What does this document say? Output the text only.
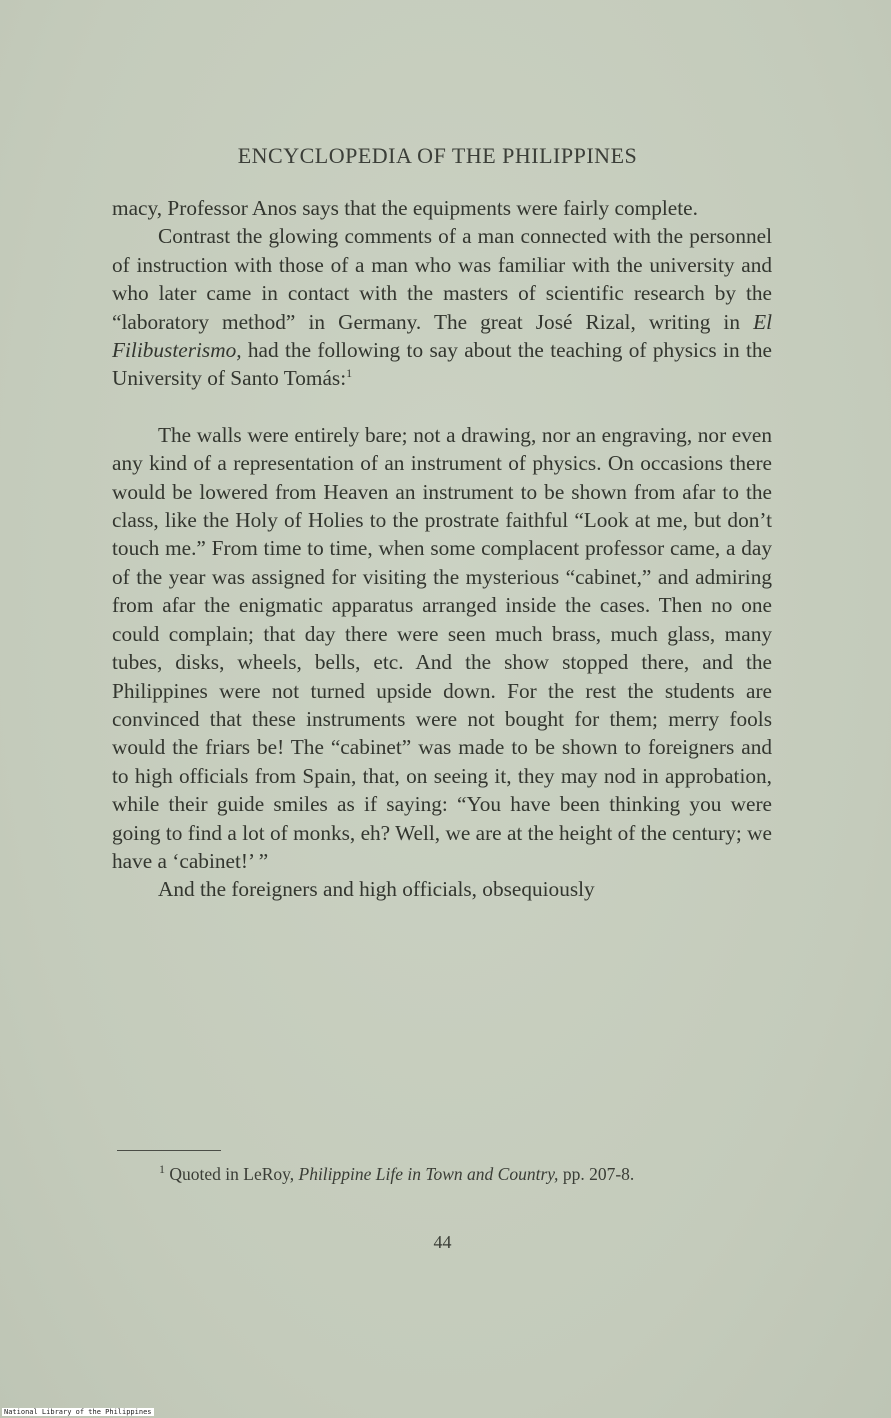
ENCYCLOPEDIA OF THE PHILIPPINES

macy, Professor Anos says that the equipments were fairly complete.

Contrast the glowing comments of a man connected with the personnel of instruction with those of a man who was familiar with the university and who later came in contact with the masters of scientific research by the “laboratory method” in Germany. The great José Rizal, writing in El Filibusterismo, had the following to say about the teaching of physics in the University of Santo Tomás:$^1$

The walls were entirely bare; not a drawing, nor an engraving, nor even any kind of a representation of an instrument of physics. On occasions there would be lowered from Heaven an instrument to be shown from afar to the class, like the Holy of Holies to the prostrate faithful “Look at me, but don’t touch me.” From time to time, when some complacent professor came, a day of the year was assigned for visiting the mysterious “cabinet,” and admiring from afar the enigmatic apparatus arranged inside the cases. Then no one could complain; that day there were seen much brass, much glass, many tubes, disks, wheels, bells, etc. And the show stopped there, and the Philippines were not turned upside down. For the rest the students are convinced that these instruments were not bought for them; merry fools would the friars be! The “cabinet” was made to be shown to foreigners and to high officials from Spain, that, on seeing it, they may nod in approbation, while their guide smiles as if saying: “You have been thinking you were going to find a lot of monks, eh? Well, we are at the height of the century; we have a ‘cabinet!’ ”

And the foreigners and high officials, obsequiously

$^1$ Quoted in LeRoy, Philippine Life in Town and Country, pp. 207-8.
44
National Library of the Philippines
